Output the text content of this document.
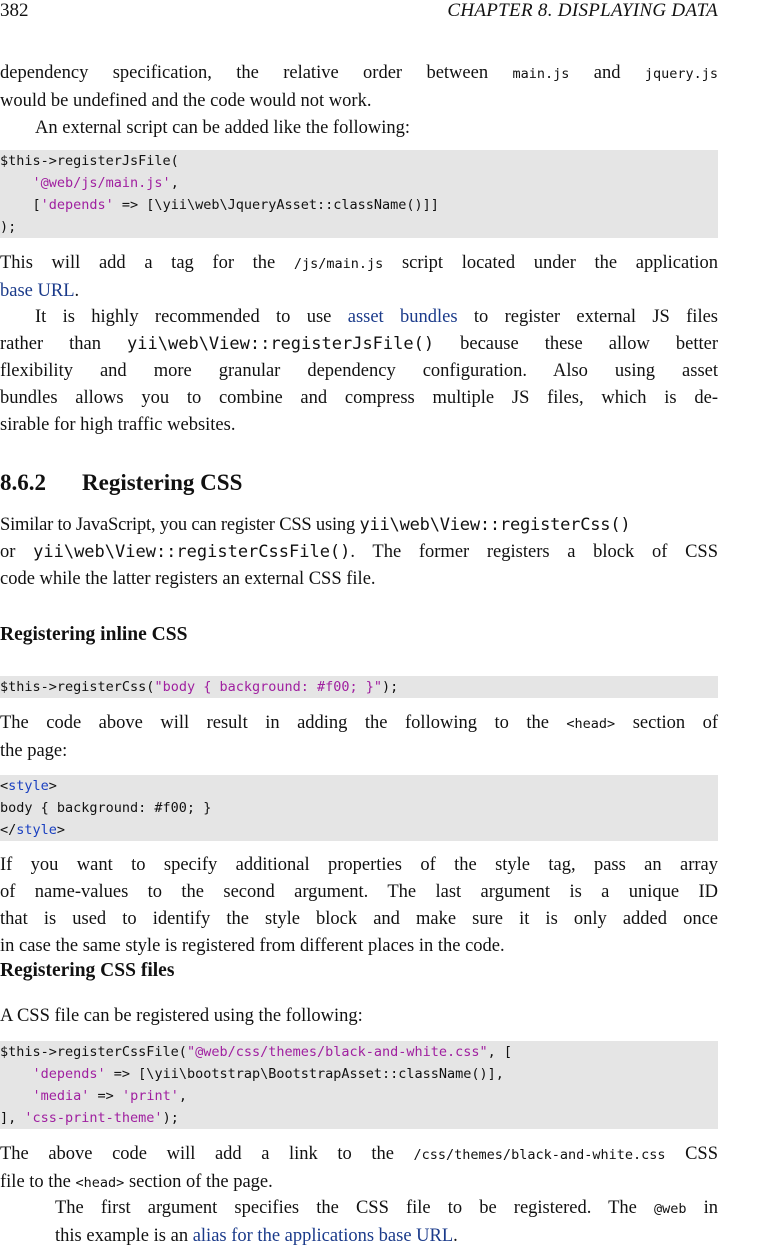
382	CHAPTER 8. DISPLAYING DATA
dependency specification, the relative order between main.js and jquery.js
would be undefined and the code would not work.
An external script can be added like the following:
$this->registerJsFile(
'@web/js/main.js',
['depends' => [\yii\web\JqueryAsset::className()]]
);
This will add a tag for the /js/main.js script located under the application
base URL.
It is highly recommended to use asset bundles to register external JS files
rather than yii\web\View::registerJsFile() because these allow better
flexibility and more granular dependency configuration. Also using asset
bundles allows you to combine and compress multiple JS files, which is de-
sirable for high traffic websites.
8.6.2 Registering CSS
Similar to JavaScript, you can register CSS using yii\web\View::registerCss()
or yii\web\View::registerCssFile(). The former registers a block of CSS
code while the latter registers an external CSS file.
Registering inline CSS
$this->registerCss("body { background: #f00; }");
The code above will result in adding the following to the <head> section of
the page:
<style>
body { background: #f00; }
</style>
If you want to specify additional properties of the style tag, pass an array
of name-values to the second argument. The last argument is a unique ID
that is used to identify the style block and make sure it is only added once
in case the same style is registered from different places in the code.
Registering CSS files
A CSS file can be registered using the following:
$this->registerCssFile("@web/css/themes/black-and-white.css", [
'depends' => [\yii\bootstrap\BootstrapAsset::className()],
'media' => 'print',
], 'css-print-theme');
The above code will add a link to the /css/themes/black-and-white.css CSS
file to the <head> section of the page.
The first argument specifies the CSS file to be registered. The @web in
this example is an alias for the applications base URL.
